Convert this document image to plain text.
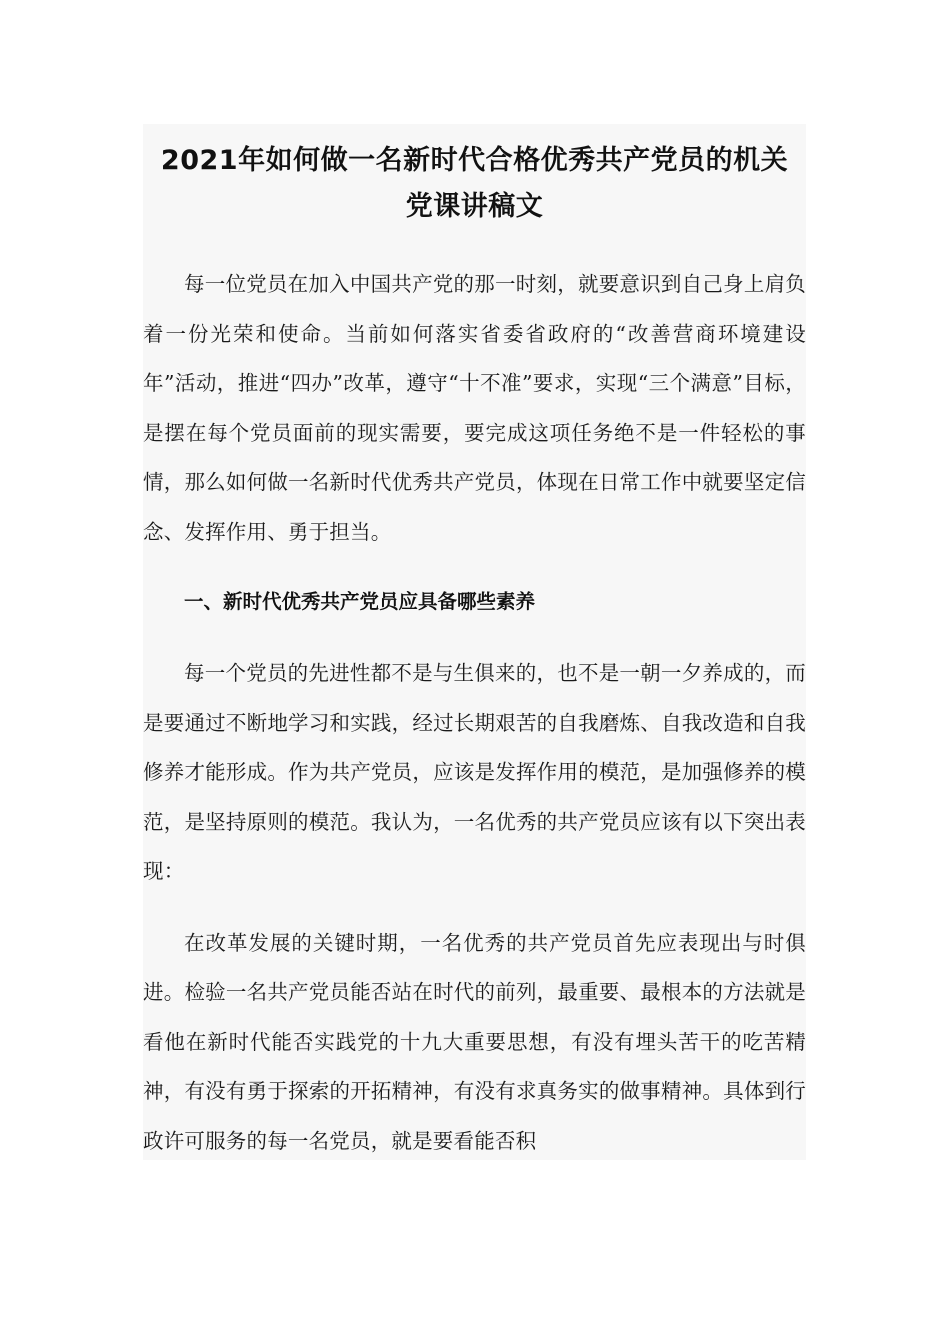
2021年如何做一名新时代合格优秀共产党员的机关
党课讲稿文

每一位党员在加入中国共产党的那一时刻，就要意识到自己身上肩负着一份光荣和使命。当前如何落实省委省政府的“改善营商环境建设年”活动，推进“四办”改革，遵守“十不准”要求，实现“三个满意”目标，是摆在每个党员面前的现实需要，要完成这项任务绝不是一件轻松的事情，那么如何做一名新时代优秀共产党员，体现在日常工作中就要坚定信念、发挥作用、勇于担当。

一、新时代优秀共产党员应具备哪些素养

每一个党员的先进性都不是与生俱来的，也不是一朝一夕养成的，而是要通过不断地学习和实践，经过长期艰苦的自我磨炼、自我改造和自我修养才能形成。作为共产党员，应该是发挥作用的模范，是加强修养的模范，是坚持原则的模范。我认为，一名优秀的共产党员应该有以下突出表现：

在改革发展的关键时期，一名优秀的共产党员首先应表现出与时俱进。检验一名共产党员能否站在时代的前列，最重要、最根本的方法就是看他在新时代能否实践党的十九大重要思想，有没有埋头苦干的吃苦精神，有没有勇于探索的开拓精神，有没有求真务实的做事精神。具体到行政许可服务的每一名党员，就是要看能否积
